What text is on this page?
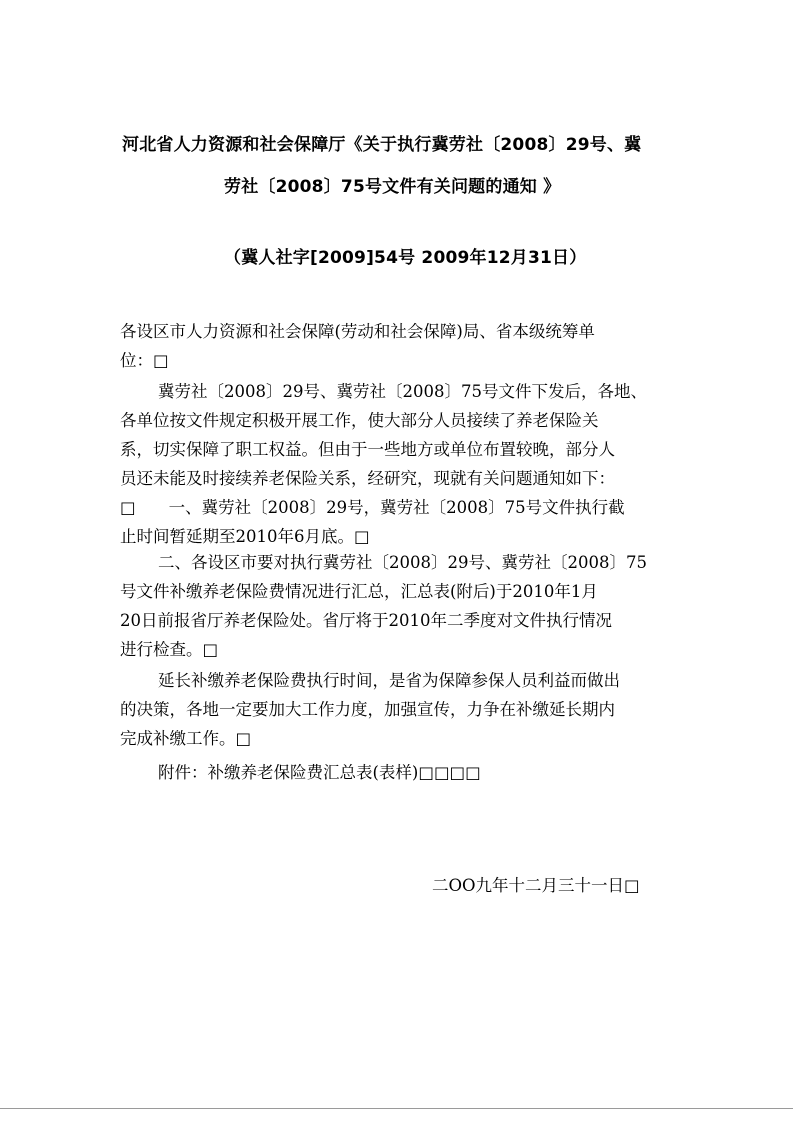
河北省人力资源和社会保障厅《关于执行冀劳社〔2008〕29号、冀
劳社〔2008〕75号文件有关问题的通知 》
（冀人社字[2009]54号 2009年12月31日）
各设区市人力资源和社会保障(劳动和社会保障)局、省本级统筹单
位：□
冀劳社〔2008〕29号、冀劳社〔2008〕75号文件下发后，各地、
各单位按文件规定积极开展工作，使大部分人员接续了养老保险关
系，切实保障了职工权益。但由于一些地方或单位布置较晚，部分人
员还未能及时接续养老保险关系，经研究，现就有关问题通知如下：
□　　一、冀劳社〔2008〕29号，冀劳社〔2008〕75号文件执行截
止时间暂延期至2010年6月底。□
二、各设区市要对执行冀劳社〔2008〕29号、冀劳社〔2008〕75
号文件补缴养老保险费情况进行汇总，汇总表(附后)于2010年1月
20日前报省厅养老保险处。省厅将于2010年二季度对文件执行情况
进行检查。□
延长补缴养老保险费执行时间，是省为保障参保人员利益而做出
的决策，各地一定要加大工作力度，加强宣传，力争在补缴延长期内
完成补缴工作。□
附件：补缴养老保险费汇总表(表样)□□□□
二OO九年十二月三十一日□
